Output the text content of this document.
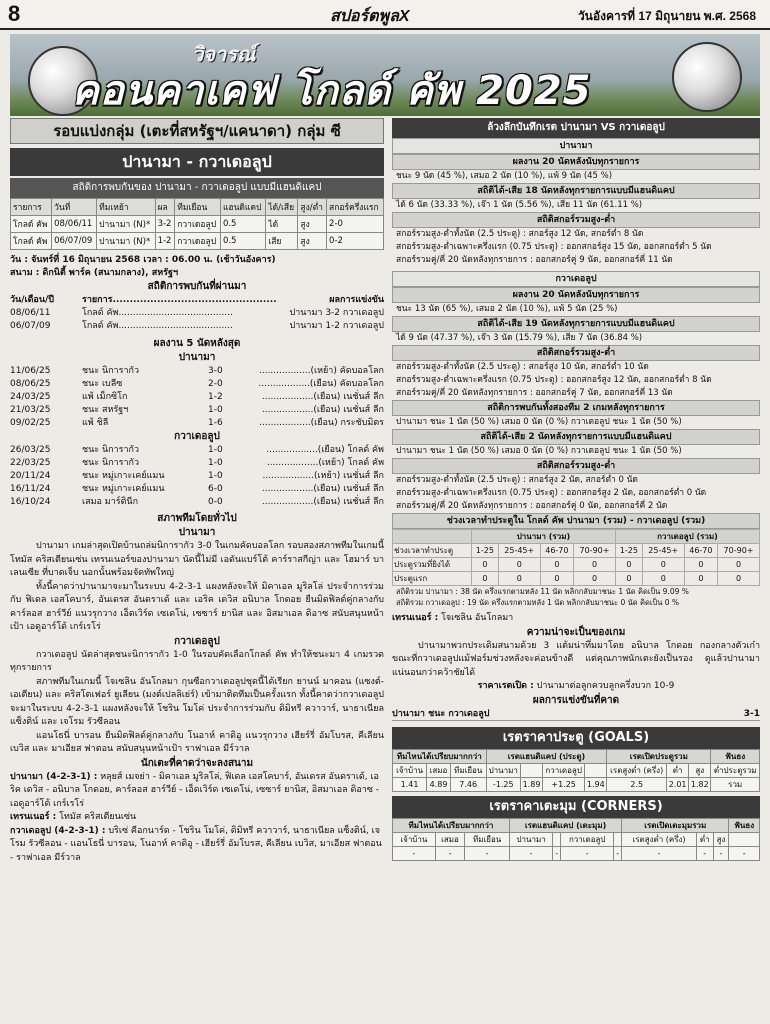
8	สปอร์ตพูลX	วันอังคารที่ 17 มิถุนายน พ.ศ. 2568
วิจารณ์
คอนคาเคฟ โกลด์ คัพ 2025
รอบแบ่งกลุ่ม (เตะที่สหรัฐฯ/แคนาดา) กลุ่ม ซี
ปานามา - กวาเดอลูป
สถิติการพบกันของ ปานามา - กวาเดอลูป แบบมีแฮนดิแคป
รายการ	วันที่	ทีมเหย้า	ผล	ทีมเยือน	แฮนดิแคป	ได้/เสีย	สูง/ต่ำ	สกอร์ครึ่งแรก
โกลด์ คัพ	08/06/11	ปานามา (N)*	3-2	กวาเดอลูป	0.5	ได้	สูง	2-0
โกลด์ คัพ	06/07/09	ปานามา (N)*	1-2	กวาเดอลูป	0.5	เสีย	สูง	0-2
วัน : จันทร์ที่ 16 มิถุนายน 2568 เวลา : 06.00 น. (เช้าวันอังคาร)
สนาม : ดิกนิตี้ พาร์ค (สนามกลาง), สหรัฐฯ
สถิติการพบกันที่ผ่านมา
วัน/เดือน/ปี	รายการ................................................	ผลการแข่งขัน
08/06/11	โกลด์ คัพ........................................	ปานามา 3-2 กวาเดอลูป
06/07/09	โกลด์ คัพ........................................	ปานามา 1-2 กวาเดอลูป
ผลงาน 5 นัดหลังสุด
ปานามา
11/06/25	ชนะ นิการากัว	3-0	..................(เหย้า) คัดบอลโลก
08/06/25	ชนะ เบลีซ	2-0	..................(เยือน) คัดบอลโลก
24/03/25	แพ้ เม็กซิโก	1-2	..................(เยือน) เนชั่นส์ ลีก
21/03/25	ชนะ สหรัฐฯ	1-0	..................(เยือน) เนชั่นส์ ลีก
09/02/25	แพ้ ชิลี	1-6	..................(เยือน) กระชับมิตร
กวาเดอลูป
26/03/25	ชนะ นิการากัว	1-0	..................(เยือน) โกลด์ คัพ
22/03/25	ชนะ นิการากัว	1-0	..................(เหย้า) โกลด์ คัพ
20/11/24	ชนะ หมู่เกาะเคย์แมน	1-0	..................(เหย้า) เนชั่นส์ ลีก
16/11/24	ชนะ หมู่เกาะเคย์แมน	6-0	..................(เยือน) เนชั่นส์ ลีก
16/10/24	เสมอ มาร์ตินีก	0-0	..................(เยือน) เนชั่นส์ ลีก
สภาพทีมโดยทั่วไป
ปานามา

ปานามา เกมล่าสุดเปิดบ้านถล่มนิการากัว 3-0 ในเกมคัดบอลโลก รอบสองสภาพทีมในเกมนี้ โทมัส คริสเตียนเซ่น เทรนเนอร์ของปานามา นัดนี้ไม่มี เอดันแบร์โต้ คาร์ราสกีญ่า และ โฮมาร์ บาเลนเซีย ที่บาดเจ็บ นอกนั้นพร้อมจัดทัพใหญ่

ทั้งนี้คาดว่าปานามาจะมาในระบบ 4-2-3-1 แผงหลังจะให้ มิคาเอล มูริลโล่ ประจำการร่วมกับ ฟิเดล เอสโคบาร์, อันเดรส อันดราเด้ และ เอริค เดวิส อนิบาล โกดอย ยืนมิดฟิลด์คู่กลางกับ คาร์ลอส ฮาร์วีย์ แนวรุกวาง เอ็ดเวิร์ด เซเดโน่, เซซาร์ ยานิส และ อิสมาเอล ดิอาซ สนับสนุนหน้าเป้า เอดูอาร์โด้ เกร์เรโร่

กวาเดอลูป

กวาเดอลูป นัดล่าสุดชนะนิการากัว 1-0 ในรอบคัดเลือกโกลด์ คัพ ทำให้ชนะมา 4 เกมรวดทุกรายการ

สภาพทีมในเกมนี้ โจเซลิน อันโกลมา กุนซือกวาเดอลูปชุดนี้ได้เรียก ยานน์ มาคอน (แซงต์-เอเตียน) และ คริสโตเฟอร์ ยูเลียน (มงต์เปลลิเย่ร์) เข้ามาติดทีมเป็นครั้งแรก ทั้งนี้คาดว่ากวาเดอลูปจะมาในระบบ 4-2-3-1 แผงหลังจะให้ โชริน โมโค่ ประจำการร่วมกับ ดิมิทรี ควาวาร์, นาธาเนียล แซ็งติน์ และ เจโรม รัวซีลอน

แอนโธนี่ บารอน ยืนมิดฟิลด์คู่กลางกับ โนอาห์ คาดิอู แนวรุกวาง เฮียร์รี่ อัมโบรส, คีเลียน เบวิส และ มาเอียส ฟาตอน สนับสนุนหน้าเป้า ราฟาเอล มีร์วาล

นักเตะที่คาดว่าจะลงสนาม

ปานามา (4-2-3-1) : หลุยส์ เมจย่า - มิคาเอล มูริลโล่, ฟิเดล เอสโคบาร์, อันเดรส อันดราเด้, เอริค เดวิส - อนิบาล โกดอย, คาร์ลอส ฮาร์วีย์ - เอ็ดเวิร์ด เซเดโน่, เซซาร์ ยานิส, อิสมาเอล ดิอาซ - เอดูอาร์โด้ เกร์เรโร่

เทรนเนอร์ : โทมัส คริสเตียนเซ่น

กวาเดอลูป (4-2-3-1) : บริเซ่ คีอกนาร์ด - โชริน โมโค่, ดิมิทรี ควาวาร์, นาธาเนียล แซ็งติน์, เจโรม รัวซีลอน - แอนโธนี่ บารอน, โนอาห์ คาดิอู - เฮียร์รี่ อัมโบรส, คีเลียน เบวิส, มาเอียส ฟาตอน - ราฟาเอล มีร์วาล

ล้วงลึกบันทึกเรต ปานามา VS กวาเดอลูป
ปานามา
ผลงาน 20 นัดหลังนับทุกรายการ
ชนะ 9 นัด (45 %), เสมอ 2 นัด (10 %), แพ้ 9 นัด (45 %)
สถิติได้-เสีย 18 นัดหลังทุกรายการแบบมีแฮนดิแคป
ได้ 6 นัด (33.33 %), เจ๊า 1 นัด (5.56 %), เสีย 11 นัด (61.11 %)
สถิติสกอร์รวมสูง-ต่ำ
สกอร์รวมสูง-ต่ำทั้งนัด (2.5 ประตู) : สกอร์สูง 12 นัด, สกอร์ต่ำ 8 นัด
สกอร์รวมสูง-ต่ำเฉพาะครึ่งแรก (0.75 ประตู) : ออกสกอร์สูง 15 นัด, ออกสกอร์ต่ำ 5 นัด
สกอร์รวมคู่/คี่ 20 นัดหลังทุกรายการ : ออกสกอร์คู่ 9 นัด, ออกสกอร์คี่ 11 นัด
กวาเดอลูป
ผลงาน 20 นัดหลังนับทุกรายการ
ชนะ 13 นัด (65 %), เสมอ 2 นัด (10 %), แพ้ 5 นัด (25 %)
สถิติได้-เสีย 19 นัดหลังทุกรายการแบบมีแฮนดิแคป
ได้ 9 นัด (47.37 %), เจ๊า 3 นัด (15.79 %), เสีย 7 นัด (36.84 %)
สถิติสกอร์รวมสูง-ต่ำ
สกอร์รวมสูง-ต่ำทั้งนัด (2.5 ประตู) : สกอร์สูง 10 นัด, สกอร์ต่ำ 10 นัด
สกอร์รวมสูง-ต่ำเฉพาะครึ่งแรก (0.75 ประตู) : ออกสกอร์สูง 12 นัด, ออกสกอร์ต่ำ 8 นัด
สกอร์รวมคู่/คี่ 20 นัดหลังทุกรายการ : ออกสกอร์คู่ 7 นัด, ออกสกอร์คี่ 13 นัด
สถิติการพบกันทั้งสองทีม 2 เกมหลังทุกรายการ
ปานามา ชนะ 1 นัด (50 %) เสมอ 0 นัด (0 %) กวาเดอลูป ชนะ 1 นัด (50 %)
สถิติได้-เสีย 2 นัดหลังทุกรายการแบบมีแฮนดิแคป
ปานามา ชนะ 1 นัด (50 %) เสมอ 0 นัด (0 %) กวาเดอลูป ชนะ 1 นัด (50 %)
สถิติสกอร์รวมสูง-ต่ำ
สกอร์รวมสูง-ต่ำทั้งนัด (2.5 ประตู) : สกอร์สูง 2 นัด, สกอร์ต่ำ 0 นัด
สกอร์รวมสูง-ต่ำเฉพาะครึ่งแรก (0.75 ประตู) : ออกสกอร์สูง 2 นัด, ออกสกอร์ต่ำ 0 นัด
สกอร์รวมคู่/คี่ 20 นัดหลังทุกรายการ : ออกสกอร์คู่ 0 นัด, ออกสกอร์คี่ 2 นัด
ช่วงเวลาทำประตูใน โกลด์ คัพ ปานามา (รวม) - กวาเดอลูป (รวม)
	ปานามา (รวม)				กวาเดอลูป (รวม)			
ช่วงเวลาทำประตู	1-25	25-45+	46-70	70-90+	1-25	25-45+	46-70	70-90+
ประตูรวมที่ยิงได้	0	0	0	0	0	0	0	0
ประตูแรก	0	0	0	0	0	0	0	0
สถิติรวม ปานามา : 38 นัด ครึ่งแรกตามหลัง 11 นัด พลิกกลับมาชนะ 1 นัด คิดเป็น 9.09 %
สถิติรวม กวาเดอลูป : 19 นัด ครึ่งแรกตามหลัง 1 นัด พลิกกลับมาชนะ 0 นัด คิดเป็น 0 %

เทรนเนอร์ : โจเซลิน อันโกลมา

ความน่าจะเป็นของเกม

ปานามาพวกประเดิมสนามด้วย 3 แต้มน่าทึ่มมาโดย อนิบาล โกดอย กองกลางตัวเก๋า ขณะที่กวาเดอลูปแม้ฟอร์มช่วงหลังจะค่อนข้างดี แต่คุณภาพนักเตะยังเป็นรอง ดูแล้วปานามาแน่นอนกว่าคว้าชัยได้

ราคาเรตเปิด : ปานามาต่อลูกควบลูกครึ่งบวก 10-9

ผลการแข่งขันที่คาด
ปานามา ชนะ กวาเดอลูป	3-1
เรตราคาประตู (GOALS)
ทีมไหนได้เปรียบมากกว่า			เรตแฮนดิแคป (ประตู)				เรตเปิดประตูรวม			ฟันธง
เจ้าบ้าน	เสมอ	ทีมเยือน	ปานามา		กวาเดอลูป		เรตสูงต่ำ (ครึ่ง)	ต่ำ	สูง	ต่ำประตูรวม
1.41	4.89	7.46	-1.25	1.89	+1.25	1.94	2.5	2.01	1.82	รวม
เรตราคาเตะมุม (CORNERS)
ทีมไหนได้เปรียบมากกว่า			เรตแฮนดิแคป (เตะมุม)				เรตเปิดเตะมุมรวม			ฟันธง
เจ้าบ้าน	เสมอ	ทีมเยือน	ปานามา		กวาเดอลูป		เรตสูงต่ำ (ครึ่ง)	ต่ำ	สูง	
-	-	-	-	-	-	-	-	-	-	-
